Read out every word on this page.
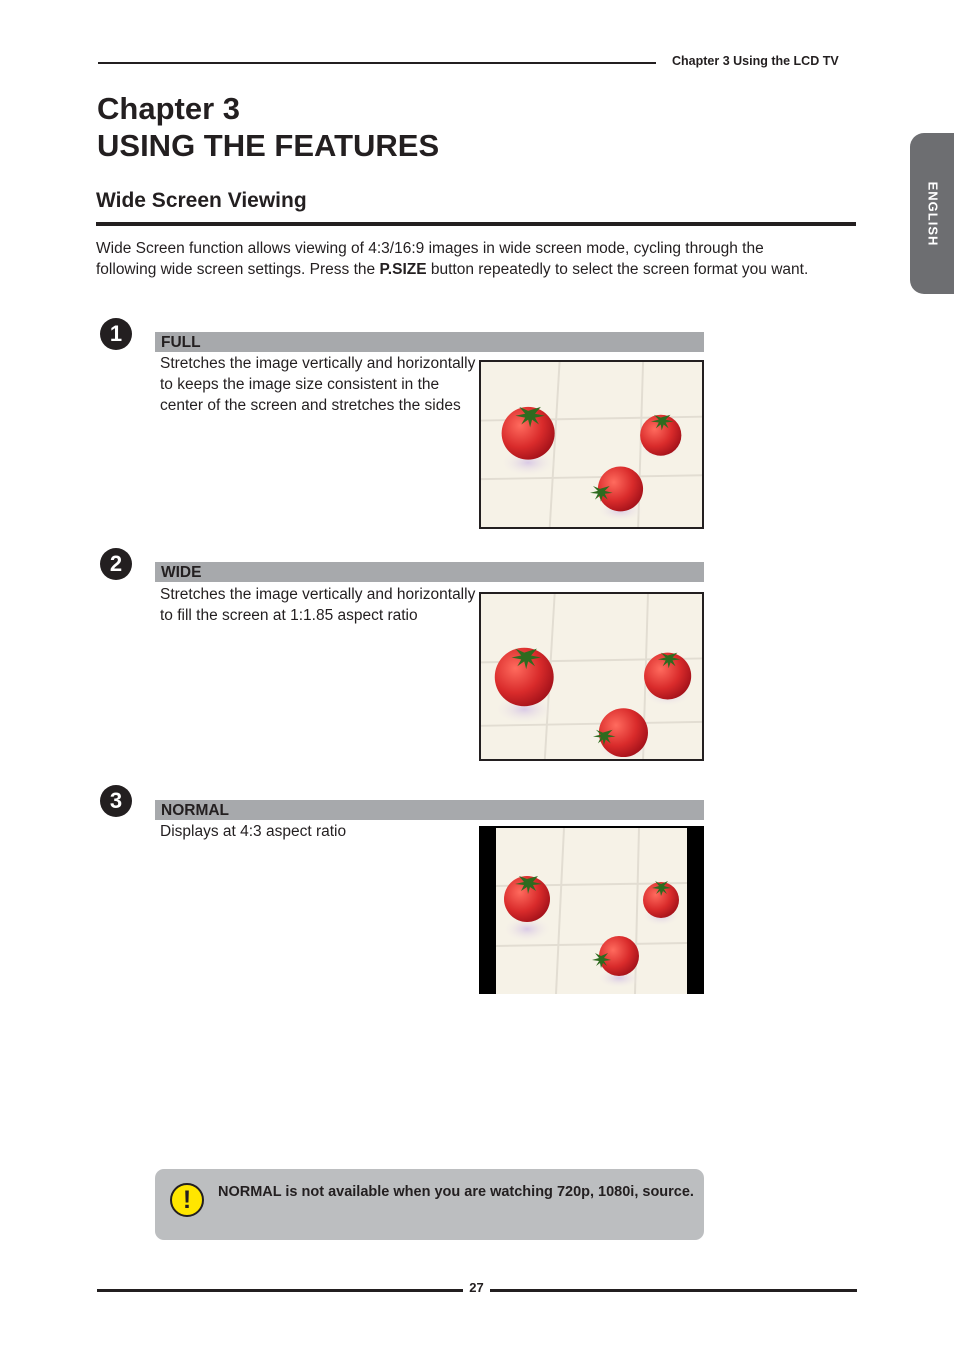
Chapter 3 Using the LCD TV
Chapter 3
USING THE FEATURES
ENGLISH
Wide Screen Viewing

Wide Screen function allows viewing of 4:3/16:9 images in wide screen mode, cycling through the following wide screen settings. Press the P.SIZE button repeatedly to select the screen format you want.

1	FULL

Stretches the image vertically and horizontally to keeps the image size consistent in the center of the screen and stretches the sides

2	WIDE

Stretches the image vertically and horizontally to fill the screen at 1:1.85 aspect ratio

3	NORMAL

Displays at 4:3 aspect ratio

!	NORMAL is not available when you are watching 720p, 1080i, source.

27
